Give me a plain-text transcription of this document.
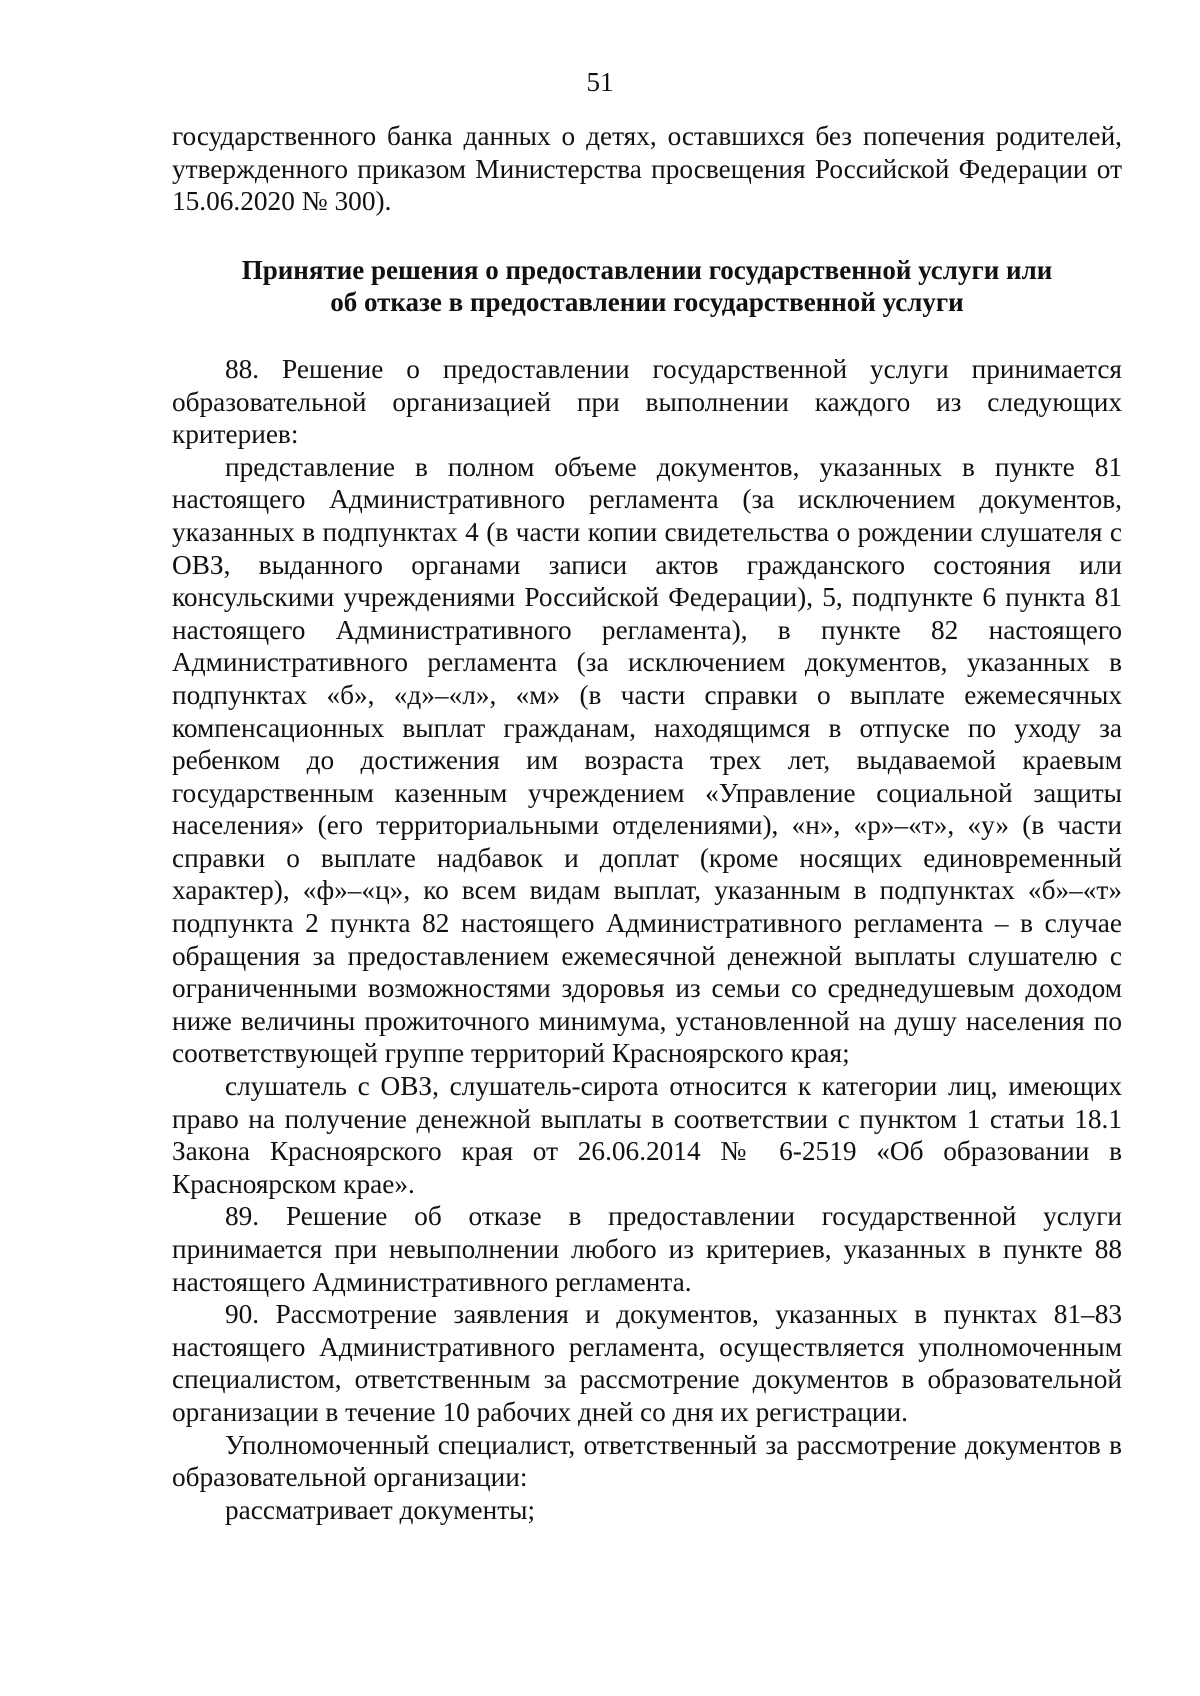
51

государственного банка данных о детях, оставшихся без попечения родителей, утвержденного приказом Министерства просвещения Российской Федерации от 15.06.2020 № 300).

Принятие решения о предоставлении государственной услуги или
об отказе в предоставлении государственной услуги

88. Решение о предоставлении государственной услуги принимается образовательной организацией при выполнении каждого из следующих критериев:

представление в полном объеме документов, указанных в пункте 81 настоящего Административного регламента (за исключением документов, указанных в подпунктах 4 (в части копии свидетельства о рождении слушателя с ОВЗ, выданного органами записи актов гражданского состояния или консульскими учреждениями Российской Федерации), 5, подпункте 6 пункта 81 настоящего Административного регламента), в пункте 82 настоящего Административного регламента (за исключением документов, указанных в подпунктах «б», «д»–«л», «м» (в части справки о выплате ежемесячных компенсационных выплат гражданам, находящимся в отпуске по уходу за ребенком до достижения им возраста трех лет, выдаваемой краевым государственным казенным учреждением «Управление социальной защиты населения» (его территориальными отделениями), «н», «р»–«т», «у» (в части справки о выплате надбавок и доплат (кроме носящих единовременный характер), «ф»–«ц», ко всем видам выплат, указанным в подпунктах «б»–«т» подпункта 2 пункта 82 настоящего Административного регламента – в случае обращения за предоставлением ежемесячной денежной выплаты слушателю с ограниченными возможностями здоровья из семьи со среднедушевым доходом ниже величины прожиточного минимума, установленной на душу населения по соответствующей группе территорий Красноярского края;

слушатель с ОВЗ, слушатель-сирота относится к категории лиц, имеющих право на получение денежной выплаты в соответствии с пунктом 1 статьи 18.1 Закона Красноярского края от 26.06.2014 № 6-2519 «Об образовании в Красноярском крае».

89. Решение об отказе в предоставлении государственной услуги принимается при невыполнении любого из критериев, указанных в пункте 88 настоящего Административного регламента.

90. Рассмотрение заявления и документов, указанных в пунктах 81–83 настоящего Административного регламента, осуществляется уполномоченным специалистом, ответственным за рассмотрение документов в образовательной организации в течение 10 рабочих дней со дня их регистрации.

Уполномоченный специалист, ответственный за рассмотрение документов в образовательной организации:

рассматривает документы;
